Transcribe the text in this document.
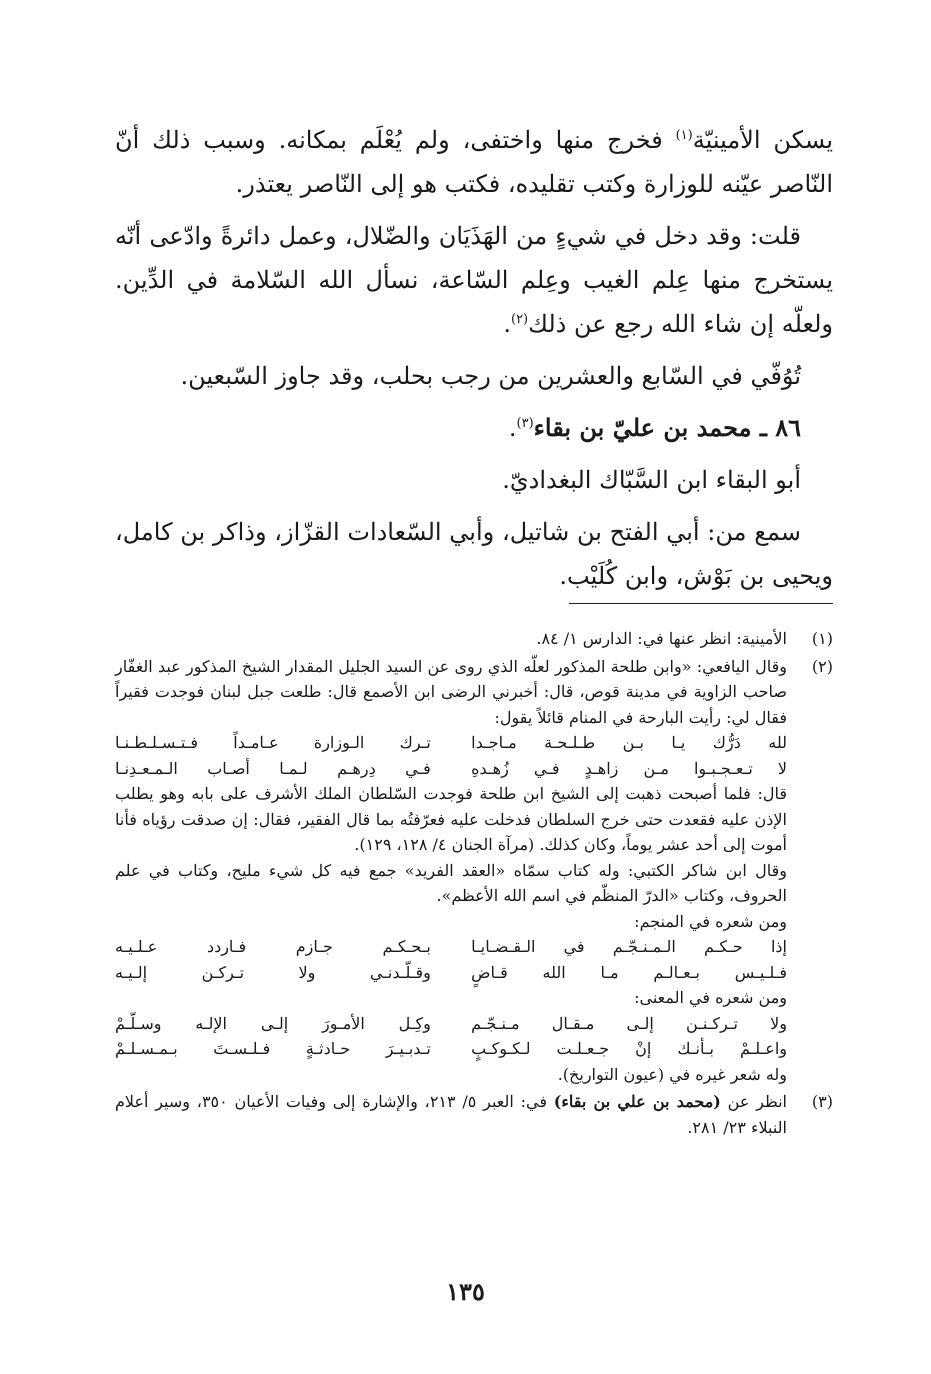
يسكن الأمينيّة$^{(١)}$ فخرج منها واختفى، ولم يُعْلَم بمكانه. وسبب ذلك أنّ النّاصر عيّنه للوزارة وكتب تقليده، فكتب هو إلى النّاصر يعتذر.

قلت: وقد دخل في شيءٍ من الهَذَيَان والضّلال، وعمل دائرةً وادّعى أنّه يستخرج منها عِلم الغيب وعِلم السّاعة، نسأل الله السّلامة في الدِّين. ولعلّه إن شاء الله رجع عن ذلك$^{(٢)}$.

تُوُفّي في السّابع والعشرين من رجب بحلب، وقد جاوز السّبعين.

٨٦ ـ محمد بن عليّ بن بقاء$^{(٣)}$.

أبو البقاء ابن السَّبّاك البغداديّ.

سمع من: أبي الفتح بن شاتيل، وأبي السّعادات القزّاز، وذاكر بن كامل، ويحيى بن بَوْش، وابن كُلَيْب.

(١)
الأمينية: انظر عنها في: الدارس ١/ ٨٤.
(٢)
وقال اليافعي: «وابن طلحة المذكور لعلّه الذي روى عن السيد الجليل المقدار الشيخ المذكور عبد الغفّار صاحب الزاوية في مدينة قوص، قال: أخبرني الرضى ابن الأصمع قال: طلعت جبل لبنان فوجدت فقيراً فقال لي: رأيت البارحة في المنام قائلاً يقول:
لله دَرُّك يـا بـن طـلـحـة مـاجـدا
تـرك الـوزارة عـامـداً فـتـسـلـطـنـا
لا تـعـجـبـوا مـن زاهـدٍ فـي زُهـدهِ
فـي دِرهـم لـمـا أصـاب الـمـعـدِنـا
قال: فلما أصبحت ذهبت إلى الشيخ ابن طلحة فوجدت السّلطان الملك الأشرف على بابه وهو يطلب الإذن عليه فقعدت حتى خرج السلطان فدخلت عليه فعرّفتُه بما قال الفقير، فقال: إن صدقت رؤياه فأنا أموت إلى أحد عشر يوماً، وكان كذلك. (مرآة الجنان ٤/ ١٢٨، ١٢٩).
وقال ابن شاكر الكتبي: وله كتاب سمّاه «العقد الفريد» جمع فيه كل شيء مليح، وكتاب في علم الحروف، وكتاب «الدرّ المنظّم في اسم الله الأعظم».
ومن شعره في المنجم:
إذا حـكـم الـمـنـجّـم في الـقـضـايـا
بـحـكـم جـازم فـاردد عـلـيـه
فـلـيـس بـعـالـم مـا الله قـاضٍ
وقـلّـدنـي ولا تـركـن إلـيـه
ومن شعره في المعنى:
ولا تـركـنـن إلـى مـقـال مـنـجّـم
وكِـل الأمـورَ إلـى الإلـه وسـلّـمْ
واعـلـمْ بـأنـك إنْ جـعـلـت لـكـوكـبٍ
تـدبـيـرَ حـادثـةٍ فـلـسـتَ بـمـسـلـمْ
وله شعر غيره في (عيون التواريخ).
(٣)
انظر عن (محمد بن علي بن بقاء) في: العبر ٥/ ٢١٣، والإشارة إلى وفيات الأعيان ٣٥٠، وسير أعلام النبلاء ٢٣/ ٢٨١.
١٣٥
